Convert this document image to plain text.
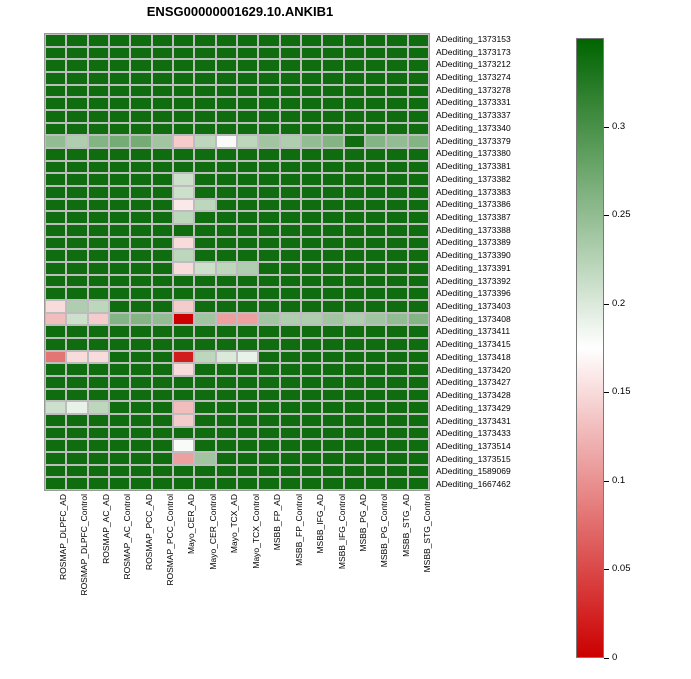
ENSG00000001629.10.ANKIB1
ADediting_1373153
ADediting_1373173
ADediting_1373212
ADediting_1373274
ADediting_1373278
ADediting_1373331
ADediting_1373337
ADediting_1373340
ADediting_1373379
ADediting_1373380
ADediting_1373381
ADediting_1373382
ADediting_1373383
ADediting_1373386
ADediting_1373387
ADediting_1373388
ADediting_1373389
ADediting_1373390
ADediting_1373391
ADediting_1373392
ADediting_1373396
ADediting_1373403
ADediting_1373408
ADediting_1373411
ADediting_1373415
ADediting_1373418
ADediting_1373420
ADediting_1373427
ADediting_1373428
ADediting_1373429
ADediting_1373431
ADediting_1373433
ADediting_1373514
ADediting_1373515
ADediting_1589069
ADediting_1667462
ROSMAP_DLPFC_AD ROSMAP_DLPFC_Control ROSMAP_AC_AD ROSMAP_AC_Control ROSMAP_PCC_AD ROSMAP_PCC_Control Mayo_CER_AD Mayo_CER_Control Mayo_TCX_AD Mayo_TCX_Control MSBB_FP_AD MSBB_FP_Control MSBB_IFG_AD MSBB_IFG_Control MSBB_PG_AD MSBB_PG_Control MSBB_STG_AD MSBB_STG_Control
0
0.05
0.1
0.15
0.2
0.25
0.3
